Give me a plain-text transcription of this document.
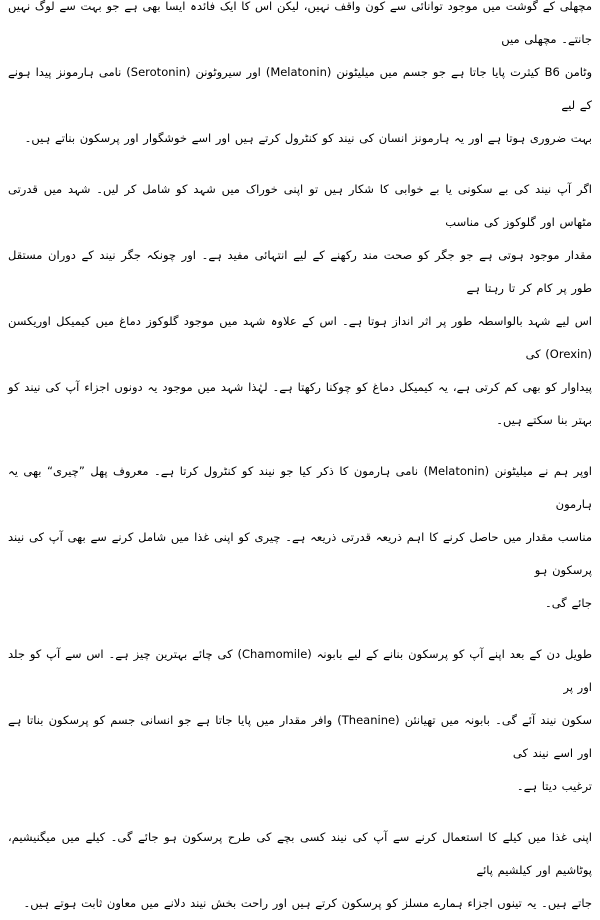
مچھلی کے گوشت میں موجود توانائی سے کون واقف نہیں، لیکن اس کا ایک فائدہ ایسا بھی ہے جو بہت سے لوگ نہیں جانتے۔ مچھلی میں
وٹامن B6 کیثرت پایا جاتا ہے جو جسم میں میلیٹونن (Melatonin) اور سیروٹونن (Serotonin) نامی ہارمونز پیدا ہونے کے لیے
بہت ضروری ہوتا ہے اور یہ ہارمونز انسان کی نیند کو کنٹرول کرتے ہیں اور اسے خوشگوار اور پرسکون بناتے ہیں۔

اگر آپ نیند کی بے سکونی یا بے خوابی کا شکار ہیں تو اپنی خوراک میں شہد کو شامل کر لیں۔ شہد میں قدرتی مٹھاس اور گلوکوز کی مناسب
مقدار موجود ہوتی ہے جو جگر کو صحت مند رکھنے کے لیے انتہائی مفید ہے۔ اور چونکہ جگر نیند کے دوران مستقل طور پر کام کر تا رہتا ہے
اس لیے شہد بالواسطہ طور پر اثر انداز ہوتا ہے۔ اس کے علاوہ شہد میں موجود گلوکوز دماغ میں کیمیکل اوریکسن (Orexin) کی
پیداوار کو بھی کم کرتی ہے، یہ کیمیکل دماغ کو چوکنا رکھتا ہے۔ لہٰذا شہد میں موجود یہ دونوں اجزاء آپ کی نیند کو بہتر بنا سکتے ہیں۔

اوپر ہم نے میلیٹونن (Melatonin) نامی ہارمون کا ذکر کیا جو نیند کو کنٹرول کرتا ہے۔ معروف پھل ”چیری“ بھی یہ ہارمون
مناسب مقدار میں حاصل کرنے کا اہم ذریعہ قدرتی ذریعہ ہے۔ چیری کو اپنی غذا میں شامل کرنے سے بھی آپ کی نیند پرسکون ہو
جائے گی۔

طویل دن کے بعد اپنے آپ کو پرسکون بنانے کے لیے بابونہ (Chamomile) کی چائے بہترین چیز ہے۔ اس سے آپ کو جلد اور پر
سکون نیند آئے گی۔ بابونہ میں تھیانئن (Theanine) وافر مقدار میں پایا جاتا ہے جو انسانی جسم کو پرسکون بناتا ہے اور اسے نیند کی
ترغیب دیتا ہے۔

اپنی غذا میں کیلے کا استعمال کرنے سے آپ کی نیند کسی بچے کی طرح پرسکون ہو جائے گی۔ کیلے میں میگنیشیم، پوٹاشیم اور کیلشیم پائے
جاتے ہیں۔ یہ تینوں اجزاء ہمارے مسلز کو پرسکون کرتے ہیں اور راحت بخش نیند دلانے میں معاون ثابت ہوتے ہیں۔
